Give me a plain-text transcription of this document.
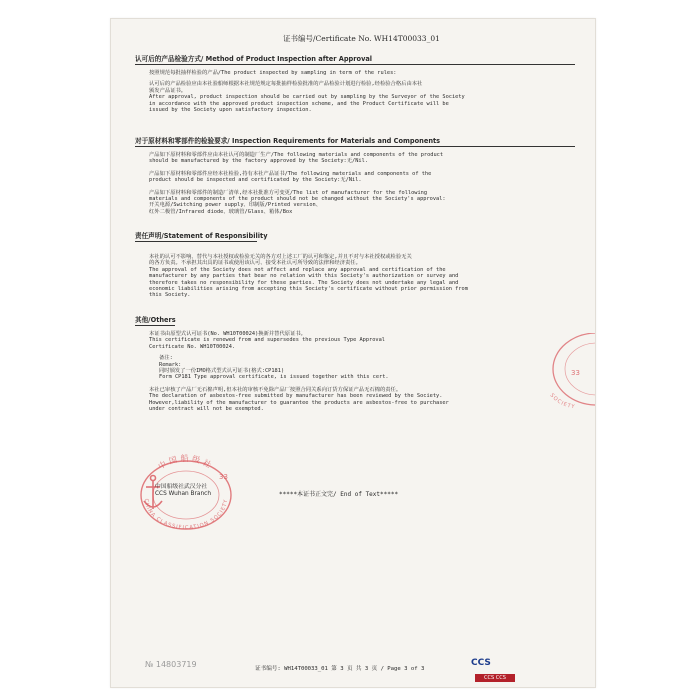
证书编号/Certificate No. WH14T00033_01
认可后的产品检验方式/ Method of Product Inspection after Approval
按照规范每批抽样检验的产品/The product inspected by sampling in term of the rules:
认可后的产品检验应由本社验船师根据本社规范规定每批抽样检验批准的产品检验计划进行检验,经检验合格后由本社
颁发产品证书。
After approval, product inspection should be carried out by sampling by the Surveyor of the Society
in accordance with the approved product inspection scheme, and the Product Certificate will be
issued by the Society upon satisfactory inspection.
对于原材料和零部件的检验要求/ Inspection Requirements for Materials and Components
产品如下原材料和零部件应由本社认可的制造厂生产/The following materials and components of the product
should be manufactured by the factory approved by the Society:无/Nil.
产品如下原材料和零部件应经本社检验,持有本社产品证书/The following materials and components of the
product should be inspected and certificated by the Society:无/Nil.
产品如下原材料和零部件的制造厂清单,经本社批准方可变更/The list of manufacturer for the following
materials and components of the product should not be changed without the Society's approval:
开关电源/Switching power supply、印制版/Printed version、
红外二极管/Infrared diode、玻璃管/Glass、箱体/Box
责任声明/Statement of Responsibility
本社的认可不影响、替代与本社授权或检验无关的各方对上述工厂的认可和鉴定,并且不对与本社授权或检验无关
的各方负责。不承担其出具的证书或使用该认可、接受本社认可所导致的法律和经济责任。
The approval of the Society does not affect and replace any approval and certification of the
manufacturer by any parties that bear no relation with this Society's authorization or survey and
therefore takes no responsibility for these parties. The Society does not undertake any legal and
economic liabilities arising from accepting this Society's certificate without prior permission from
this Society.
其他/Others
本证书由原型式认可证书(No. WH10T00024)换新并替代原证书。
This certificate is renewed from and supersedes the previous Type Approval
Certificate No. WH10T00024.
备注:
Remark:
同时颁发了一份IMO格式型式认可证书(格式:CP181)
Form CP181 Type approval certificate, is issued together with this cert.
本社已审核了产品厂无石棉声明,但本社的审核不免除产品厂按照合同关系向订货方保证产品无石棉的责任。
The declaration of asbestos-free submitted by manufacturer has been reviewed by the Society.
However,liability of the manufacturer to guarantee the products are asbestos-free to purchaser
under contract will not be exempted.
中国船级社
CHINA CLASSIFICATION SOCIETY
33
中国船级社武汉分社
CCS Wuhan Branch	*****本证书正文完/ End of Text*****
33
SOCIETY
№ 14803719	证书编号: WH14T00033_01 第 3 页 共 3 页 / Page 3 of 3
CCS
CCS CCS
